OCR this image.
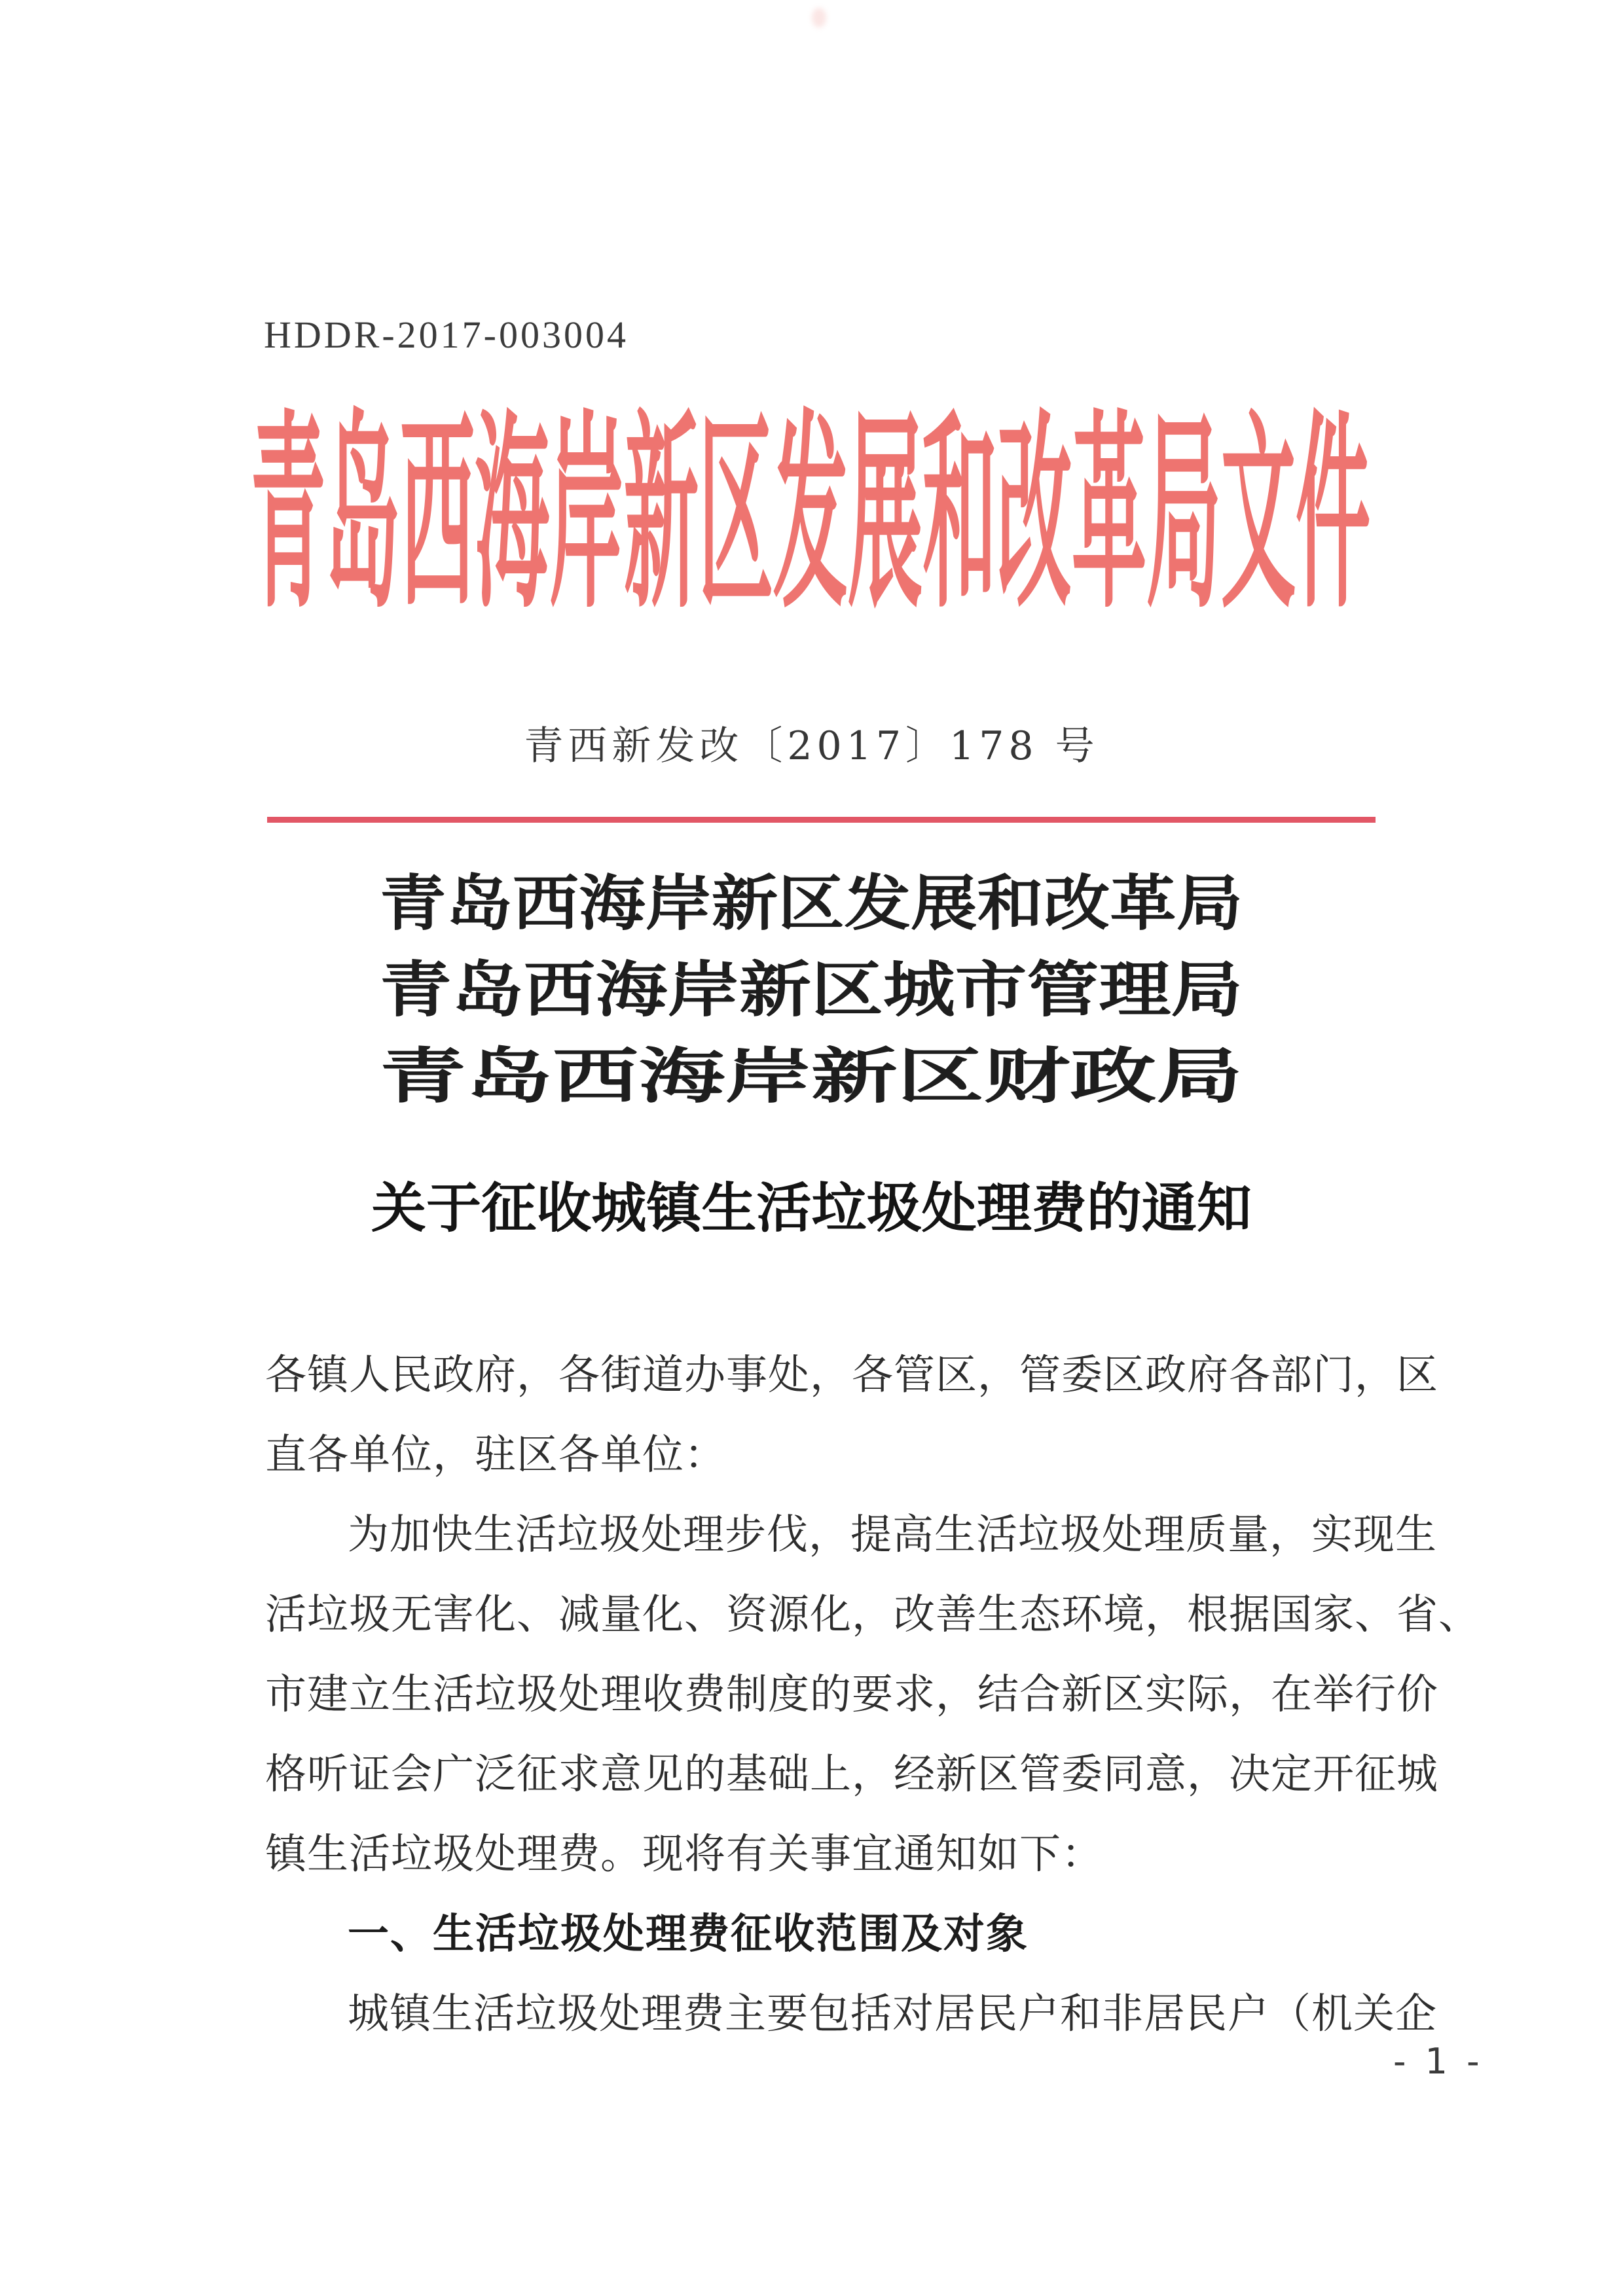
HDDR-2017-003004
青岛西海岸新区发展和改革局文件
青西新发改〔2017〕178 号
青岛西海岸新区发展和改革局
青岛西海岸新区城市管理局
青岛西海岸新区财政局
关于征收城镇生活垃圾处理费的通知
各镇人民政府，各街道办事处，各管区，管委区政府各部门，区
直各单位，驻区各单位：
为加快生活垃圾处理步伐，提高生活垃圾处理质量，实现生
活垃圾无害化、减量化、资源化，改善生态环境，根据国家、省、
市建立生活垃圾处理收费制度的要求，结合新区实际，在举行价
格听证会广泛征求意见的基础上，经新区管委同意，决定开征城
镇生活垃圾处理费。现将有关事宜通知如下：
一、生活垃圾处理费征收范围及对象
城镇生活垃圾处理费主要包括对居民户和非居民户（机关企
- 1 -
